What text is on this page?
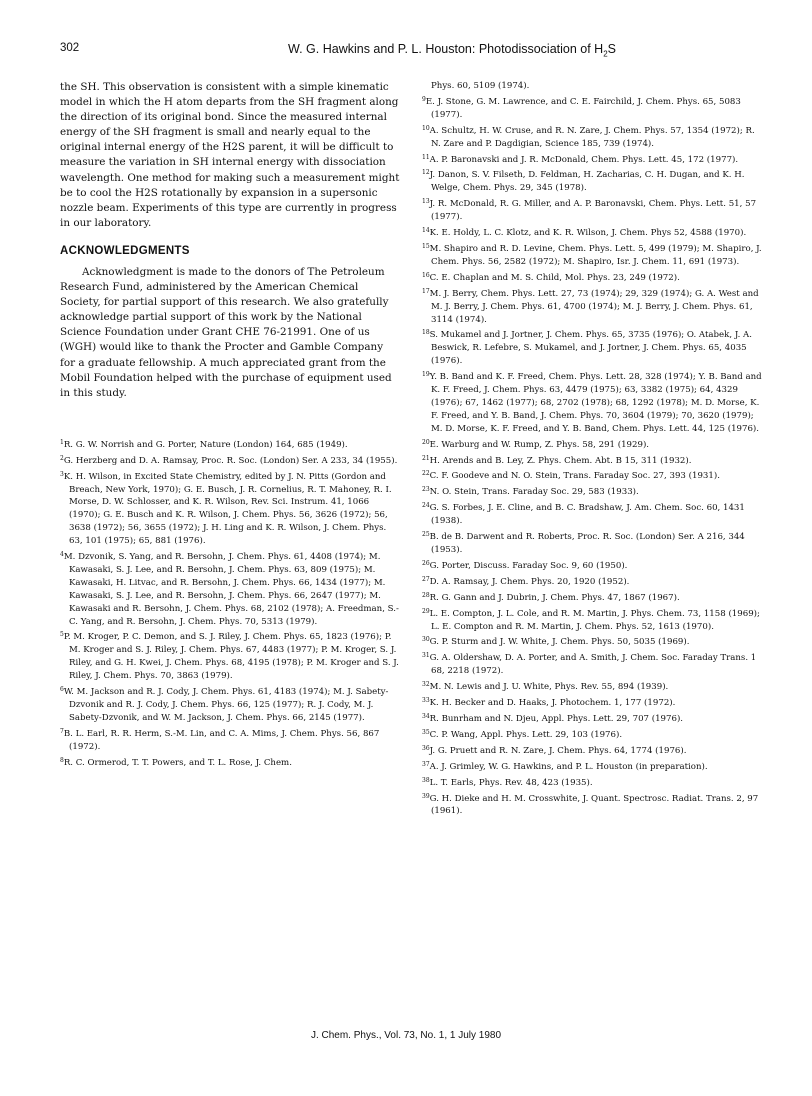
302	W. G. Hawkins and P. L. Houston: Photodissociation of $H_2S$

the SH. This observation is consistent with a simple kinematic model in which the H atom departs from the SH fragment along the direction of its original bond. Since the measured internal energy of the SH fragment is small and nearly equal to the original internal energy of the H2S parent, it will be difficult to measure the variation in SH internal energy with dissociation wavelength. One method for making such a measurement might be to cool the H2S rotationally by expansion in a supersonic nozzle beam. Experiments of this type are currently in progress in our laboratory.

ACKNOWLEDGMENTS

Acknowledgment is made to the donors of The Petroleum Research Fund, administered by the American Chemical Society, for partial support of this research. We also gratefully acknowledge partial support of this work by the National Science Foundation under Grant CHE 76-21991. One of us (WGH) would like to thank the Procter and Gamble Company for a graduate fellowship. A much appreciated grant from the Mobil Foundation helped with the purchase of equipment used in this study.

$^1$R. G. W. Norrish and G. Porter, Nature (London) 164, 685 (1949).

$^2$G. Herzberg and D. A. Ramsay, Proc. R. Soc. (London) Ser. A 233, 34 (1955).

$^3$K. H. Wilson, in Excited State Chemistry, edited by J. N. Pitts (Gordon and Breach, New York, 1970); G. E. Busch, J. R. Cornelius, R. T. Mahoney, R. I. Morse, D. W. Schlosser, and K. R. Wilson, Rev. Sci. Instrum. 41, 1066 (1970); G. E. Busch and K. R. Wilson, J. Chem. Phys. 56, 3626 (1972); 56, 3638 (1972); 56, 3655 (1972); J. H. Ling and K. R. Wilson, J. Chem. Phys. 63, 101 (1975); 65, 881 (1976).

$^4$M. Dzvonik, S. Yang, and R. Bersohn, J. Chem. Phys. 61, 4408 (1974); M. Kawasaki, S. J. Lee, and R. Bersohn, J. Chem. Phys. 63, 809 (1975); M. Kawasaki, H. Litvac, and R. Bersohn, J. Chem. Phys. 66, 1434 (1977); M. Kawasaki, S. J. Lee, and R. Bersohn, J. Chem. Phys. 66, 2647 (1977); M. Kawasaki and R. Bersohn, J. Chem. Phys. 68, 2102 (1978); A. Freedman, S.-C. Yang, and R. Bersohn, J. Chem. Phys. 70, 5313 (1979).

$^5$P. M. Kroger, P. C. Demon, and S. J. Riley, J. Chem. Phys. 65, 1823 (1976); P. M. Kroger and S. J. Riley, J. Chem. Phys. 67, 4483 (1977); P. M. Kroger, S. J. Riley, and G. H. Kwei, J. Chem. Phys. 68, 4195 (1978); P. M. Kroger and S. J. Riley, J. Chem. Phys. 70, 3863 (1979).

$^6$W. M. Jackson and R. J. Cody, J. Chem. Phys. 61, 4183 (1974); M. J. Sabety-Dzvonik and R. J. Cody, J. Chem. Phys. 66, 125 (1977); R. J. Cody, M. J. Sabety-Dzvonik, and W. M. Jackson, J. Chem. Phys. 66, 2145 (1977).

$^7$B. L. Earl, R. R. Herm, S.-M. Lin, and C. A. Mims, J. Chem. Phys. 56, 867 (1972).

$^8$R. C. Ormerod, T. T. Powers, and T. L. Rose, J. Chem.

Phys. 60, 5109 (1974).

$^9$E. J. Stone, G. M. Lawrence, and C. E. Fairchild, J. Chem. Phys. 65, 5083 (1977).

$^{10}$A. Schultz, H. W. Cruse, and R. N. Zare, J. Chem. Phys. 57, 1354 (1972); R. N. Zare and P. Dagdigian, Science 185, 739 (1974).

$^{11}$A. P. Baronavski and J. R. McDonald, Chem. Phys. Lett. 45, 172 (1977).

$^{12}$J. Danon, S. V. Filseth, D. Feldman, H. Zacharias, C. H. Dugan, and K. H. Welge, Chem. Phys. 29, 345 (1978).

$^{13}$J. R. McDonald, R. G. Miller, and A. P. Baronavski, Chem. Phys. Lett. 51, 57 (1977).

$^{14}$K. E. Holdy, L. C. Klotz, and K. R. Wilson, J. Chem. Phys 52, 4588 (1970).

$^{15}$M. Shapiro and R. D. Levine, Chem. Phys. Lett. 5, 499 (1979); M. Shapiro, J. Chem. Phys. 56, 2582 (1972); M. Shapiro, Isr. J. Chem. 11, 691 (1973).

$^{16}$C. E. Chaplan and M. S. Child, Mol. Phys. 23, 249 (1972).

$^{17}$M. J. Berry, Chem. Phys. Lett. 27, 73 (1974); 29, 329 (1974); G. A. West and M. J. Berry, J. Chem. Phys. 61, 4700 (1974); M. J. Berry, J. Chem. Phys. 61, 3114 (1974).

$^{18}$S. Mukamel and J. Jortner, J. Chem. Phys. 65, 3735 (1976); O. Atabek, J. A. Beswick, R. Lefebre, S. Mukamel, and J. Jortner, J. Chem. Phys. 65, 4035 (1976).

$^{19}$Y. B. Band and K. F. Freed, Chem. Phys. Lett. 28, 328 (1974); Y. B. Band and K. F. Freed, J. Chem. Phys. 63, 4479 (1975); 63, 3382 (1975); 64, 4329 (1976); 67, 1462 (1977); 68, 2702 (1978); 68, 1292 (1978); M. D. Morse, K. F. Freed, and Y. B. Band, J. Chem. Phys. 70, 3604 (1979); 70, 3620 (1979); M. D. Morse, K. F. Freed, and Y. B. Band, Chem. Phys. Lett. 44, 125 (1976).

$^{20}$E. Warburg and W. Rump, Z. Phys. 58, 291 (1929).

$^{21}$H. Arends and B. Ley, Z. Phys. Chem. Abt. B 15, 311 (1932).

$^{22}$C. F. Goodeve and N. O. Stein, Trans. Faraday Soc. 27, 393 (1931).

$^{23}$N. O. Stein, Trans. Faraday Soc. 29, 583 (1933).

$^{24}$G. S. Forbes, J. E. Cline, and B. C. Bradshaw, J. Am. Chem. Soc. 60, 1431 (1938).

$^{25}$B. de B. Darwent and R. Roberts, Proc. R. Soc. (London) Ser. A 216, 344 (1953).

$^{26}$G. Porter, Discuss. Faraday Soc. 9, 60 (1950).

$^{27}$D. A. Ramsay, J. Chem. Phys. 20, 1920 (1952).

$^{28}$R. G. Gann and J. Dubrin, J. Chem. Phys. 47, 1867 (1967).

$^{29}$L. E. Compton, J. L. Cole, and R. M. Martin, J. Phys. Chem. 73, 1158 (1969); L. E. Compton and R. M. Martin, J. Chem. Phys. 52, 1613 (1970).

$^{30}$G. P. Sturm and J. W. White, J. Chem. Phys. 50, 5035 (1969).

$^{31}$G. A. Oldershaw, D. A. Porter, and A. Smith, J. Chem. Soc. Faraday Trans. 1 68, 2218 (1972).

$^{32}$M. N. Lewis and J. U. White, Phys. Rev. 55, 894 (1939).

$^{33}$K. H. Becker and D. Haaks, J. Photochem. 1, 177 (1972).

$^{34}$R. Bunrham and N. Djeu, Appl. Phys. Lett. 29, 707 (1976).

$^{35}$C. P. Wang, Appl. Phys. Lett. 29, 103 (1976).

$^{36}$J. G. Pruett and R. N. Zare, J. Chem. Phys. 64, 1774 (1976).

$^{37}$A. J. Grimley, W. G. Hawkins, and P. L. Houston (in preparation).

$^{38}$L. T. Earls, Phys. Rev. 48, 423 (1935).

$^{39}$G. H. Dieke and H. M. Crosswhite, J. Quant. Spectrosc. Radiat. Trans. 2, 97 (1961).

J. Chem. Phys., Vol. 73, No. 1, 1 July 1980
